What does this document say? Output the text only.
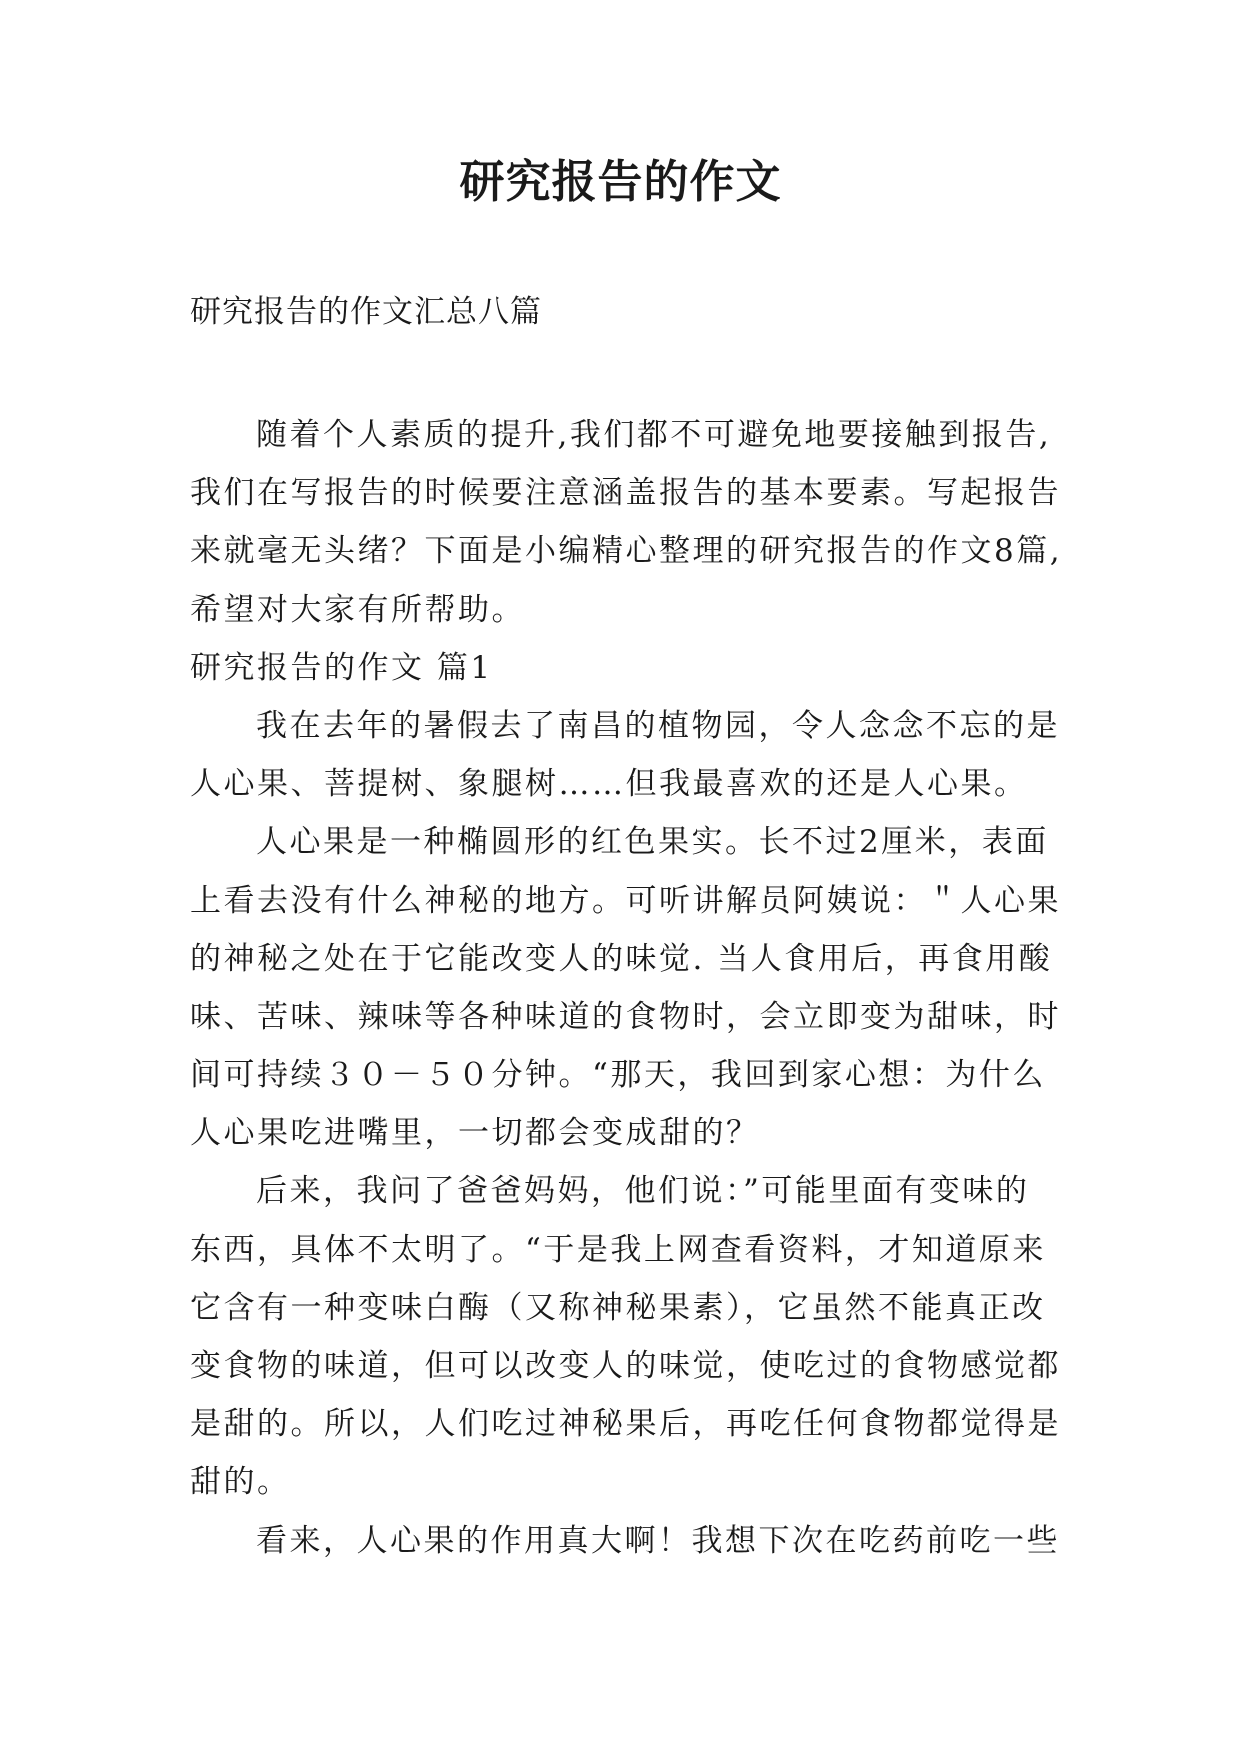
研究报告的作文

研究报告的作文汇总八篇

随着个人素质的提升,我们都不可避免地要接触到报告,
我们在写报告的时候要注意涵盖报告的基本要素。写起报告
来就毫无头绪？下面是小编精心整理的研究报告的作文8篇,
希望对大家有所帮助。
研究报告的作文 篇1
我在去年的暑假去了南昌的植物园，令人念念不忘的是
人心果、菩提树、象腿树……但我最喜欢的还是人心果。
人心果是一种椭圆形的红色果实。长不过2厘米，表面
上看去没有什么神秘的地方。可听讲解员阿姨说：＂人心果
的神秘之处在于它能改变人的味觉. 当人食用后，再食用酸
味、苦味、辣味等各种味道的食物时，会立即变为甜味，时
间可持续３０－５０分钟。“那天，我回到家心想：为什么
人心果吃进嘴里，一切都会变成甜的？
后来，我问了爸爸妈妈，他们说：”可能里面有变味的
东西，具体不太明了。“于是我上网查看资料，才知道原来
它含有一种变味白酶（又称神秘果素），它虽然不能真正改
变食物的味道，但可以改变人的味觉，使吃过的食物感觉都
是甜的。所以，人们吃过神秘果后，再吃任何食物都觉得是
甜的。
看来，人心果的作用真大啊！我想下次在吃药前吃一些
